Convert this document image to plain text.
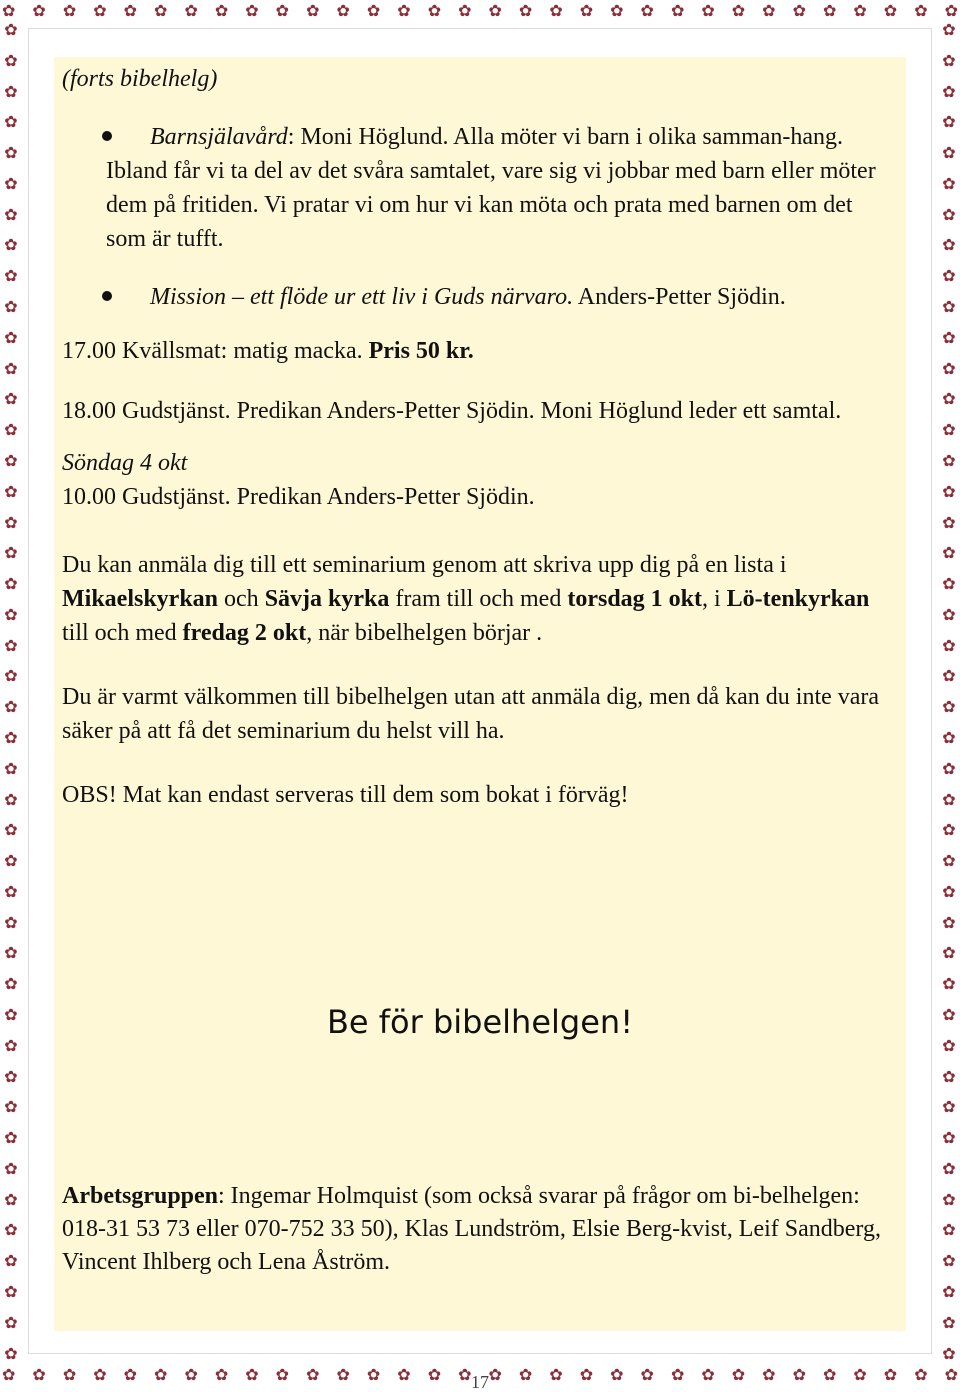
✿ ✿ ✿ ✿ ✿ ✿ ✿ ✿ ✿ ✿ ✿ ✿ ✿ ✿ ✿ ✿ ✿ ✿ ✿ ✿ ✿ ✿ ✿ ✿ ✿ ✿ ✿ ✿ ✿ ✿ ✿ ✿
✿ ✿ ✿ ✿ ✿ ✿ ✿ ✿ ✿ ✿ ✿ ✿ ✿ ✿ ✿ ✿ ✿ ✿ ✿ ✿ ✿ ✿ ✿ ✿ ✿ ✿ ✿ ✿ ✿ ✿ ✿ ✿
✿
✿
✿
✿
✿
✿
✿
✿
✿
✿
✿
✿
✿
✿
✿
✿
✿
✿
✿
✿
✿
✿
✿
✿
✿
✿
✿
✿
✿
✿
✿
✿
✿
✿
✿
✿
✿
✿
✿
✿
✿
✿
✿
✿
✿
✿
✿
✿
✿
✿
✿
✿
✿
✿
✿
✿
✿
✿
✿
✿
✿
✿
✿
✿
✿
✿
✿
✿
✿
✿
✿
✿
✿
✿
✿
✿
✿
✿
✿
✿
✿
✿
✿
✿
✿
✿
✿
✿

(forts bibelhelg)

Barnsjälavård: Moni Höglund. Alla möter vi barn i olika samman-hang. Ibland får vi ta del av det svåra samtalet, vare sig vi jobbar med barn eller möter dem på fritiden. Vi pratar vi om hur vi kan möta och prata med barnen om det som är tufft.
Mission – ett flöde ur ett liv i Guds närvaro. Anders-Petter Sjödin.

17.00 Kvällsmat: matig macka. Pris 50 kr.

18.00 Gudstjänst. Predikan Anders-Petter Sjödin. Moni Höglund leder ett samtal.

Söndag 4 okt

10.00 Gudstjänst. Predikan Anders-Petter Sjödin.

Du kan anmäla dig till ett seminarium genom att skriva upp dig på en lista i Mikaelskyrkan och Sävja kyrka fram till och med torsdag 1 okt, i Lö-tenkyrkan till och med fredag 2 okt, när bibelhelgen börjar .

Du är varmt välkommen till bibelhelgen utan att anmäla dig, men då kan du inte vara säker på att få det seminarium du helst vill ha.

OBS! Mat kan endast serveras till dem som bokat i förväg!

Be för bibelhelgen!

Arbetsgruppen: Ingemar Holmquist (som också svarar på frågor om bi-belhelgen: 018-31 53 73 eller 070-752 33 50), Klas Lundström, Elsie Berg-kvist, Leif Sandberg, Vincent Ihlberg och Lena Åström.

17
